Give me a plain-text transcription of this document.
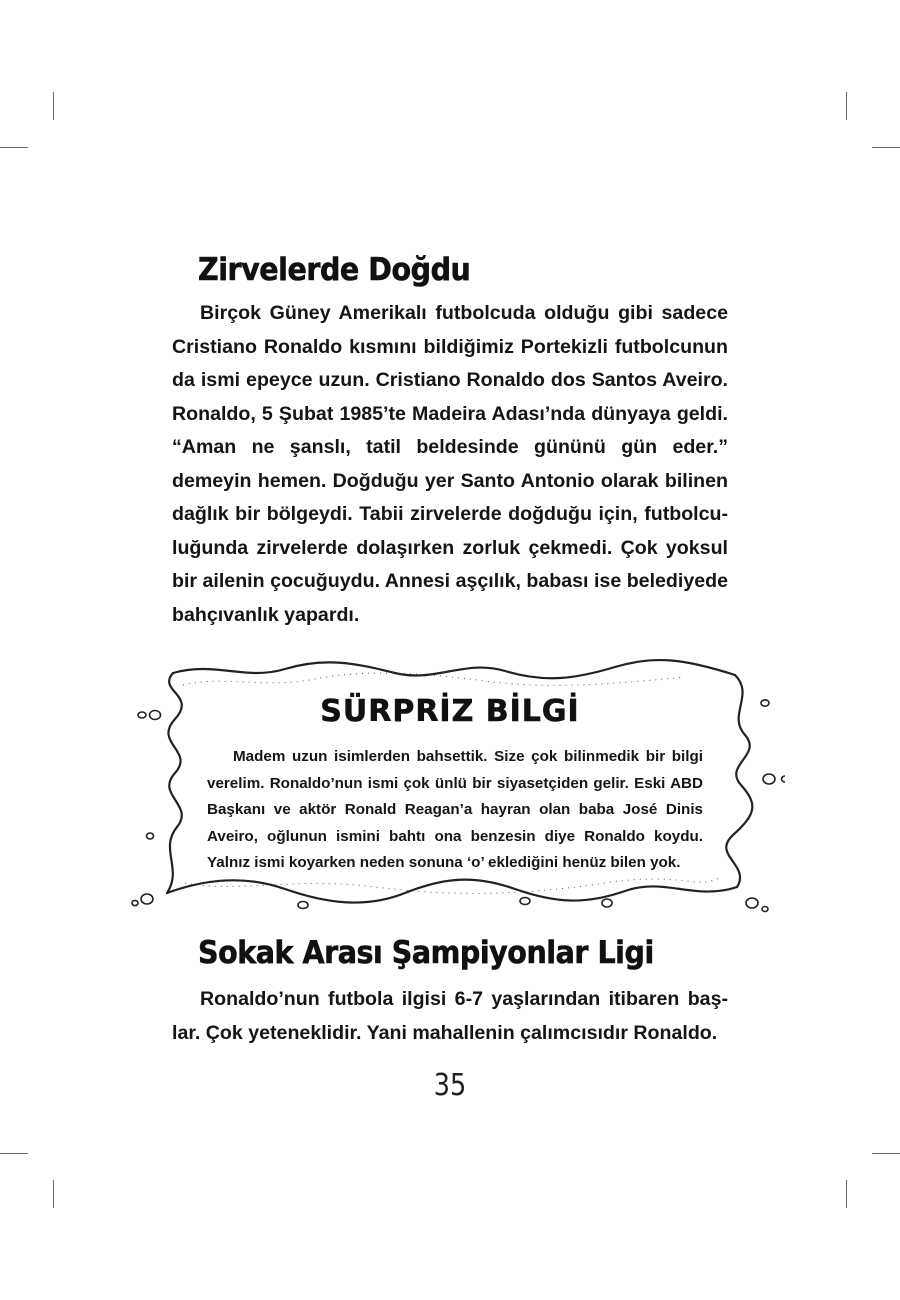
Zirvelerde Doğdu

Birçok Güney Amerikalı futbolcuda olduğu gibi sadece Cristiano Ronaldo kısmını bildiğimiz Portekizli futbolcunun da ismi epeyce uzun. Cristiano Ronaldo dos Santos Aveiro. Ronaldo, 5 Şubat 1985’te Madeira Adası’nda dünyaya geldi. “Aman ne şanslı, tatil beldesinde gününü gün eder.” demeyin hemen. Doğduğu yer Santo Antonio olarak bilinen dağlık bir bölgeydi. Tabii zirvelerde doğduğu için, futbolculuğunda zirvelerde dolaşırken zorluk çekmedi. Çok yoksul bir ailenin çocuğuydu. Annesi aşçılık, babası ise belediyede bahçıvanlık yapardı.

SÜRPRİZ BİLGİ

Madem uzun isimlerden bahsettik. Size çok bilinmedik bir bilgi verelim. Ronaldo’nun ismi çok ünlü bir siyasetçiden gelir. Eski ABD Başkanı ve aktör Ronald Reagan’a hayran olan baba José Dinis Aveiro, oğlunun ismini bahtı ona benzesin diye Ronaldo koydu. Yalnız ismi koyarken neden sonuna ‘o’ eklediğini henüz bilen yok.

Sokak Arası Şampiyonlar Ligi

Ronaldo’nun futbola ilgisi 6-7 yaşlarından itibaren başlar. Çok yeteneklidir. Yani mahallenin çalımcısıdır Ronaldo.

35
